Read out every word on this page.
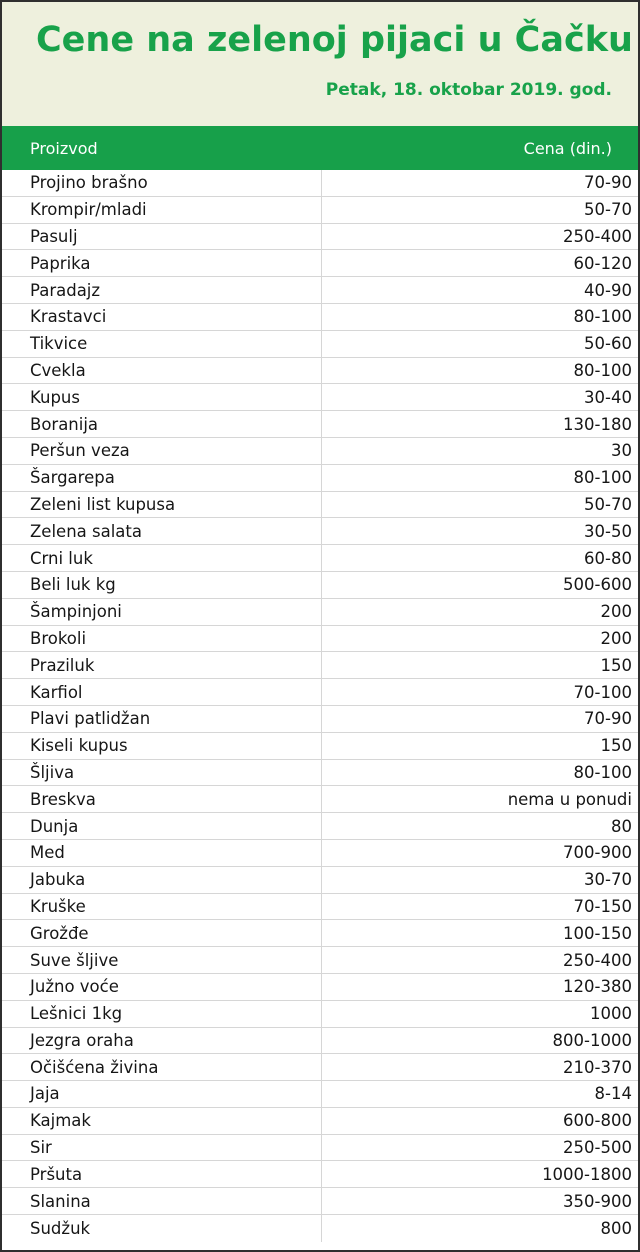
Cene na zelenoj pijaci u Čačku
Petak, 18. oktobar 2019. god.
Proizvod	Cena (din.)
Projino brašno	70-90
Krompir/mladi	50-70
Pasulj	250-400
Paprika	60-120
Paradajz	40-90
Krastavci	80-100
Tikvice	50-60
Cvekla	80-100
Kupus	30-40
Boranija	130-180
Peršun veza	30
Šargarepa	80-100
Zeleni list kupusa	50-70
Zelena salata	30-50
Crni luk	60-80
Beli luk kg	500-600
Šampinjoni	200
Brokoli	200
Praziluk	150
Karfiol	70-100
Plavi patlidžan	70-90
Kiseli kupus	150
Šljiva	80-100
Breskva	nema u ponudi
Dunja	80
Med	700-900
Jabuka	30-70
Kruške	70-150
Grožđe	100-150
Suve šljive	250-400
Južno voće	120-380
Lešnici 1kg	1000
Jezgra oraha	800-1000
Očišćena živina	210-370
Jaja	8-14
Kajmak	600-800
Sir	250-500
Pršuta	1000-1800
Slanina	350-900
Sudžuk	800
